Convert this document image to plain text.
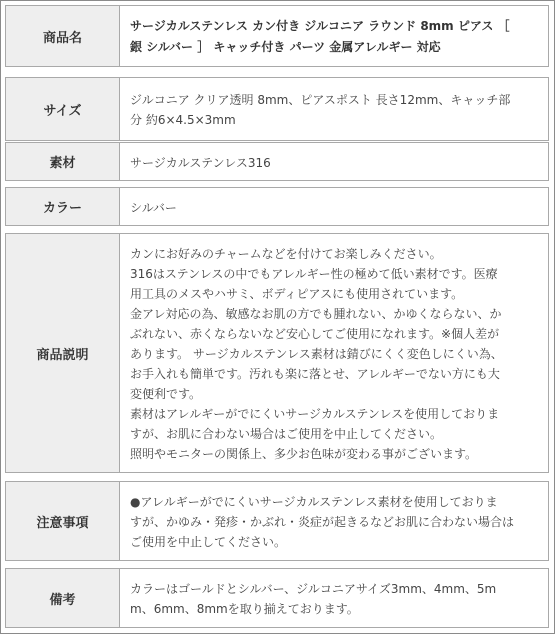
商品名
サージカルステンレス カン付き ジルコニア ラウンド 8mm ピアス ［
銀 シルバー ］ キャッチ付き パーツ 金属アレルギー 対応
サイズ
ジルコニア クリア透明 8mm、ピアスポスト 長さ12mm、キャッチ部
分 約6×4.5×3mm
素材	サージカルステンレス316
カラー	シルバー
商品説明
カンにお好みのチャームなどを付けてお楽しみください。
316はステンレスの中でもアレルギー性の極めて低い素材です。医療
用工具のメスやハサミ、ボディピアスにも使用されています。
金アレ対応の為、敏感なお肌の方でも腫れない、かゆくならない、か
ぶれない、赤くならないなど安心してご使用になれます。※個人差が
あります。 サージカルステンレス素材は錆びにくく変色しにくい為、
お手入れも簡単です。汚れも楽に落とせ、アレルギーでない方にも大
変便利です。
素材はアレルギーがでにくいサージカルステンレスを使用しておりま
すが、お肌に合わない場合はご使用を中止してください。
照明やモニターの関係上、多少お色味が変わる事がございます。
注意事項
●アレルギーがでにくいサージカルステンレス素材を使用しておりま
すが、かゆみ・発疹・かぶれ・炎症が起きるなどお肌に合わない場合は
ご使用を中止してください。
備考
カラーはゴールドとシルバー、ジルコニアサイズ3mm、4mm、5m
m、6mm、8mmを取り揃えております。
